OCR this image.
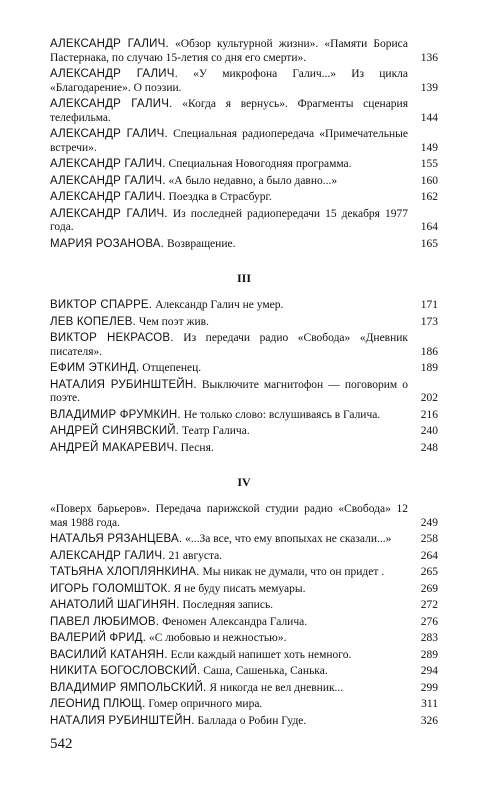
АЛЕКСАНДР ГАЛИЧ. «Обзор культурной жизни». «Памяти Бориса Пастернака, по случаю 15-летия со дня его смерти».	136
АЛЕКСАНДР ГАЛИЧ. «У микрофона Галич...» Из цикла «Благодарение». О поэзии.	139
АЛЕКСАНДР ГАЛИЧ. «Когда я вернусь». Фрагменты сценария телефильма.	144
АЛЕКСАНДР ГАЛИЧ. Специальная радиопередача «Примечательные встречи».	149
АЛЕКСАНДР ГАЛИЧ. Специальная Новогодняя программа.	155
АЛЕКСАНДР ГАЛИЧ. «А было недавно, а было давно...»	160
АЛЕКСАНДР ГАЛИЧ. Поездка в Страсбург.	162
АЛЕКСАНДР ГАЛИЧ. Из последней радиопередачи 15 декабря 1977 года.	164
МАРИЯ РОЗАНОВА. Возвращение.	165
III
ВИКТОР СПАРРЕ. Александр Галич не умер.	171
ЛЕВ КОПЕЛЕВ. Чем поэт жив.	173
ВИКТОР НЕКРАСОВ. Из передачи радио «Свобода» «Дневник писателя».	186
ЕФИМ ЭТКИНД. Отщепенец.	189
НАТАЛИЯ РУБИНШТЕЙН. Выключите магнитофон — поговорим о поэте.	202
ВЛАДИМИР ФРУМКИН. Не только слово: вслушиваясь в Галича.	216
АНДРЕЙ СИНЯВСКИЙ. Театр Галича.	240
АНДРЕЙ МАКАРЕВИЧ. Песня.	248
IV
«Поверх барьеров». Передача парижской студии радио «Свобода» 12 мая 1988 года.	249
НАТАЛЬЯ РЯЗАНЦЕВА. «...За все, что ему впопыхах не сказали...»	258
АЛЕКСАНДР ГАЛИЧ. 21 августа.	264
ТАТЬЯНА ХЛОПЛЯНКИНА. Мы никак не думали, что он придет .	265
ИГОРЬ ГОЛОМШТОК. Я не буду писать мемуары.	269
АНАТОЛИЙ ШАГИНЯН. Последняя запись.	272
ПАВЕЛ ЛЮБИМОВ. Феномен Александра Галича.	276
ВАЛЕРИЙ ФРИД. «С любовью и нежностью».	283
ВАСИЛИЙ КАТАНЯН. Если каждый напишет хоть немного.	289
НИКИТА БОГОСЛОВСКИЙ. Саша, Сашенька, Санька.	294
ВЛАДИМИР ЯМПОЛЬСКИЙ. Я никогда не вел дневник...	299
ЛЕОНИД ПЛЮЩ. Гомер опричного мира.	311
НАТАЛИЯ РУБИНШТЕЙН. Баллада о Робин Гуде.	326
542
